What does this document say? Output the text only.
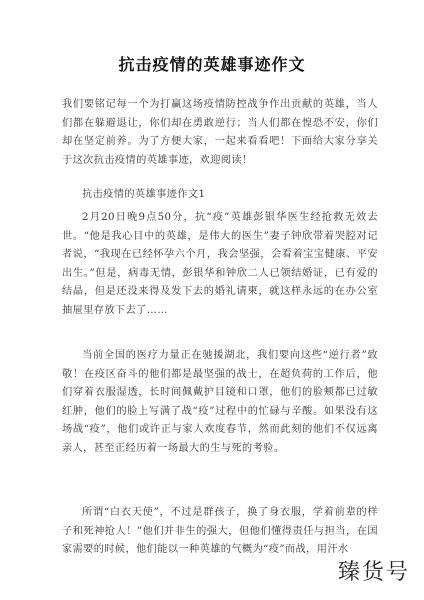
抗击疫情的英雄事迹作文

我们要铭记每一个为打赢这场疫情防控战争作出贡献的英雄，当人们都在躲避退让，你们却在勇敢逆行；当人们都在惶恐不安，你们却在坚定前养。为了方便大家，一起来看看吧！下面给大家分享关于这次抗击疫情的英雄事迹，欢迎阅读！

抗击疫情的英雄事迹作文1

2月20日晚9点50分，抗“疫”英雄彭银华医生经抢救无效去世。“他是我心目中的英雄，是伟大的医生”妻子钟欣带着哭腔对记者说，“我现在已经怀孕六个月，我会坚强，会看着宝宝健康、平安出生。”但是，病毒无情，彭银华和钟欣二人已领结婚证，已有爱的结晶，但是还没来得及发下去的婚礼请柬，就这样永远的在办公室抽屉里存放下去了……

当前全国的医疗力量正在驰援湖北，我们要向这些“逆行者”致敬！在疫区奋斗的他们都是最坚强的战士，在超负荷的工作后，他们穿着衣服湿透，长时间佩戴护目镜和口罩，他们的脸颊都已过敏红肿，他们的脸上写满了战“疫”过程中的忙碌与辛酸。如果没有这场战“疫”，他们或许正与家人欢度春节，然而此刻的他们不仅远离亲人，甚至正经历着一场最大的生与死的考验。

所谓“白衣天使”，不过是群孩子，换了身衣服，学着前辈的样子和死神抢人！”他们并非生的强大，但他们懂得责任与担当，在国家需要的时候，他们能以一种英雄的气概为“疫”而战，用汗水

臻货号
